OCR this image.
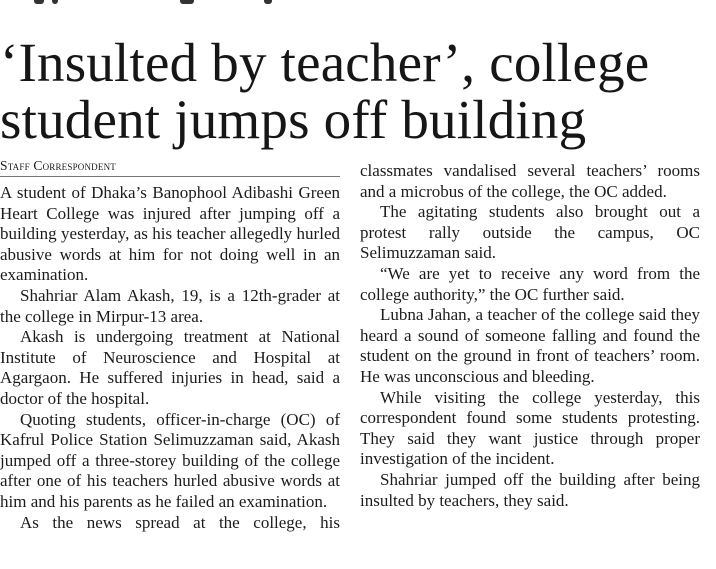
‘Insulted by teacher’, college
student jumps off building
Staff Correspondent

A student of Dhaka’s Banophool Adibashi Green Heart College was injured after jumping off a building yesterday, as his teacher allegedly hurled abusive words at him for not doing well in an examination.

Shahriar Alam Akash, 19, is a 12th-grader at the college in Mirpur-13 area.

Akash is undergoing treatment at National Institute of Neuroscience and Hospital at Agargaon. He suffered injuries in head, said a doctor of the hospital.

Quoting students, officer-in-charge (OC) of Kafrul Police Station Selimuzzaman said, Akash jumped off a three-storey building of the college after one of his teachers hurled abusive words at him and his parents as he failed an examination.

As the news spread at the college, his

classmates vandalised several teachers’ rooms and a microbus of the college, the OC added.

The agitating students also brought out a protest rally outside the campus, OC Selimuzzaman said.

“We are yet to receive any word from the college authority,” the OC further said.

Lubna Jahan, a teacher of the college said they heard a sound of someone falling and found the student on the ground in front of teachers’ room. He was unconscious and bleeding.

While visiting the college yesterday, this correspondent found some students protesting. They said they want justice through proper investigation of the incident.

Shahriar jumped off the building after being insulted by teachers, they said.
